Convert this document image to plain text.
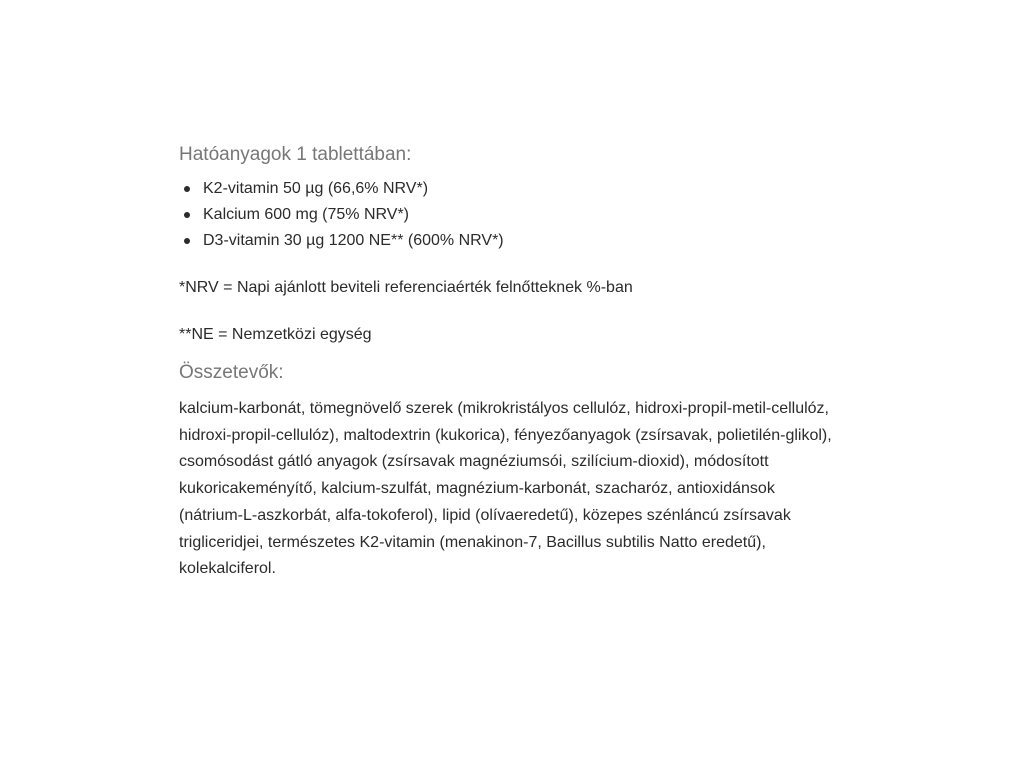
Hatóanyagok 1 tablettában:
K2-vitamin 50 µg (66,6% NRV*)
Kalcium 600 mg (75% NRV*)
D3-vitamin 30 µg 1200 NE** (600% NRV*)

*NRV = Napi ajánlott beviteli referenciaérték felnőtteknek %-ban

**NE = Nemzetközi egység

Összetevők:

kalcium-karbonát, tömegnövelő szerek (mikrokristályos cellulóz, hidroxi-propil-metil-cellulóz, hidroxi-propil-cellulóz), maltodextrin (kukorica), fényezőanyagok (zsírsavak, polietilén-glikol), csomósodást gátló anyagok (zsírsavak magnéziumsói, szilícium-dioxid), módosított kukoricakeményítő, kalcium-szulfát, magnézium-karbonát, szacharóz, antioxidánsok (nátrium-L-aszkorbát, alfa-tokoferol), lipid (olívaeredetű), közepes szénláncú zsírsavak trigliceridjei, természetes K2-vitamin (menakinon-7, Bacillus subtilis Natto eredetű), kolekalciferol.
